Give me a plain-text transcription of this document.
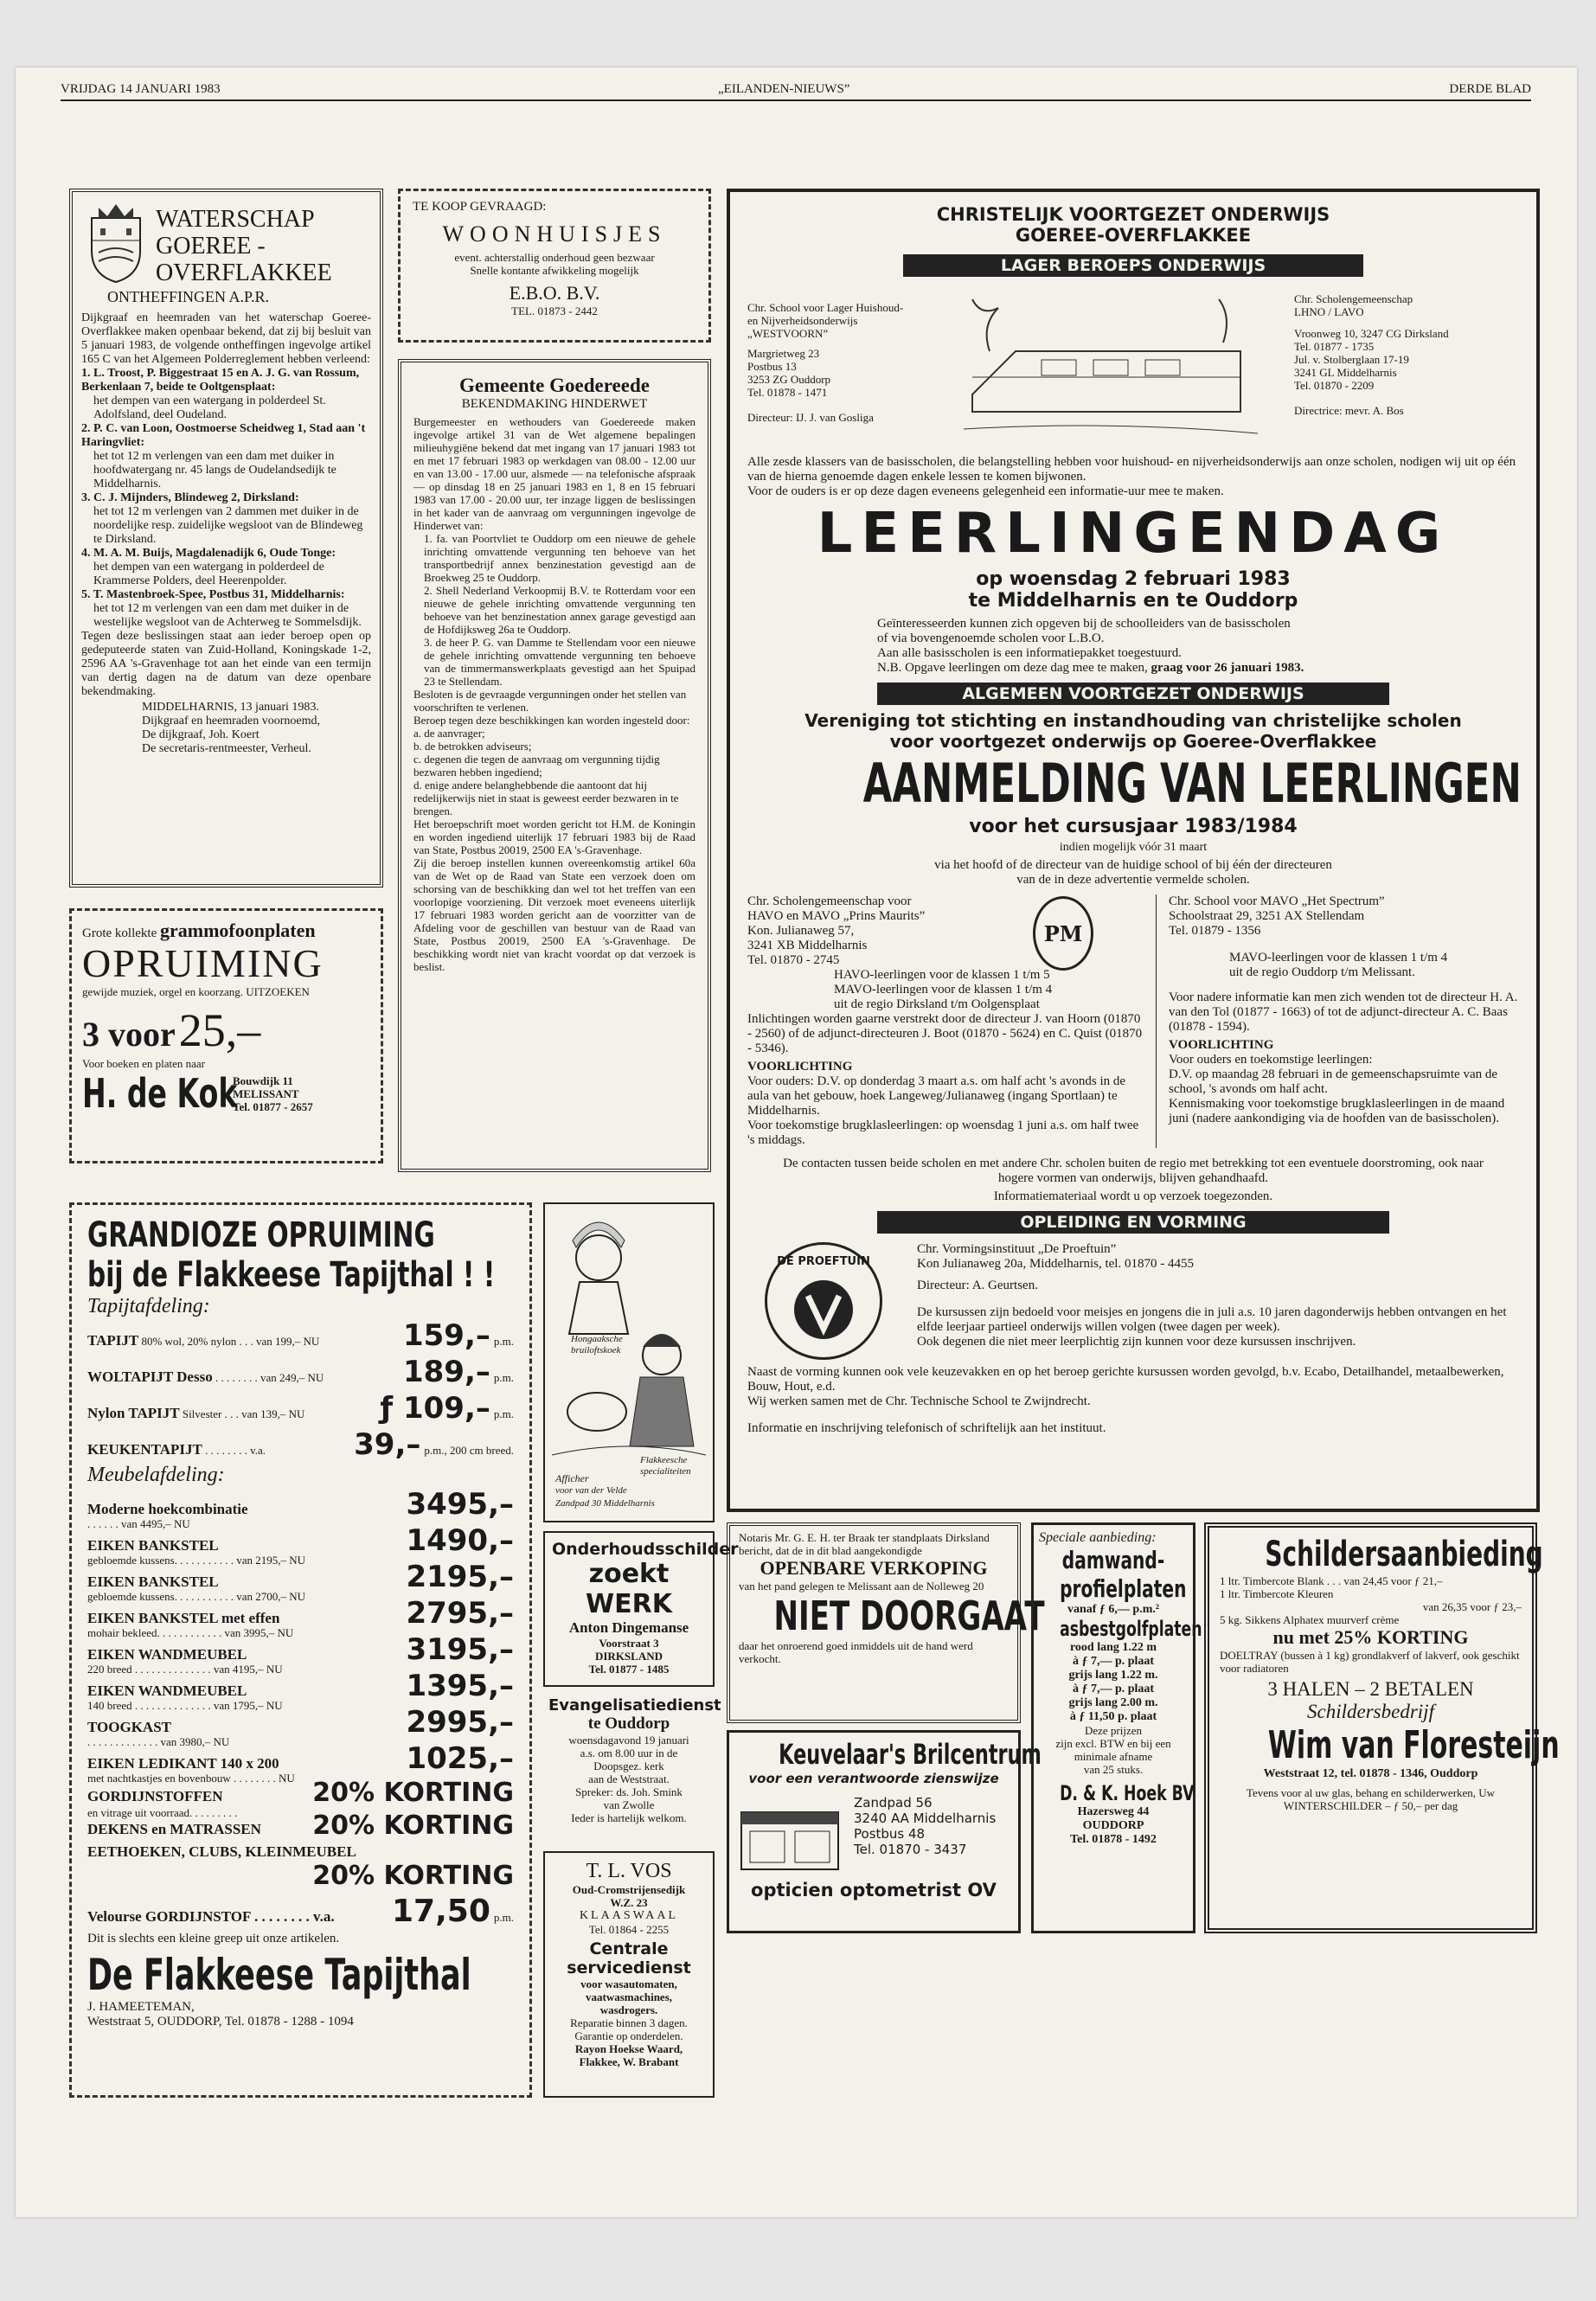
VRIJDAG 14 JANUARI 1983	„EILANDEN-NIEUWS”	DERDE BLAD
WATERSCHAP
GOEREE -
OVERFLAKKEE
ONTHEFFINGEN A.P.R.

Dijkgraaf en heemraden van het waterschap Goeree-Overflakkee maken openbaar bekend, dat zij bij besluit van 5 januari 1983, de volgende ontheffingen ingevolge artikel 165 C van het Algemeen Polderreglement hebben verleend:

1. L. Troost, P. Biggestraat 15 en A. J. G. van Rossum, Berkenlaan 7, beide te Ooltgensplaat:

het dempen van een watergang in polderdeel St. Adolfsland, deel Oudeland.

2. P. C. van Loon, Oostmoerse Scheidweg 1, Stad aan 't Haringvliet:

het tot 12 m verlengen van een dam met duiker in hoofdwatergang nr. 45 langs de Oudelandsedijk te Middelharnis.

3. C. J. Mijnders, Blindeweg 2, Dirksland:

het tot 12 m verlengen van 2 dammen met duiker in de noordelijke resp. zuidelijke wegsloot van de Blindeweg te Dirksland.

4. M. A. M. Buijs, Magdalenadijk 6, Oude Tonge:

het dempen van een watergang in polderdeel de Krammerse Polders, deel Heerenpolder.

5. T. Mastenbroek-Spee, Postbus 31, Middelharnis:

het tot 12 m verlengen van een dam met duiker in de westelijke wegsloot van de Achterweg te Sommelsdijk.

Tegen deze beslissingen staat aan ieder beroep open op gedeputeerde staten van Zuid-Holland, Koningskade 1-2, 2596 AA 's-Gravenhage tot aan het einde van een termijn van dertig dagen na de datum van deze openbare bekendmaking.

MIDDELHARNIS, 13 januari 1983.

Dijkgraaf en heemraden voornoemd,

De dijkgraaf, Joh. Koert

De secretaris-rentmeester, Verheul.

TE KOOP GEVRAAGD:
WOONHUISJES
event. achterstallig onderhoud geen bezwaar
Snelle kontante afwikkeling mogelijk
E.B.O. B.V.
TEL. 01873 - 2442
Gemeente Goedereede
BEKENDMAKING HINDERWET

Burgemeester en wethouders van Goedereede maken ingevolge artikel 31 van de Wet algemene bepalingen milieuhygiëne bekend dat met ingang van 17 januari 1983 tot en met 17 februari 1983 op werkdagen van 08.00 - 12.00 uur en van 13.00 - 17.00 uur, alsmede — na telefonische afspraak — op dinsdag 18 en 25 januari 1983 en 1, 8 en 15 februari 1983 van 17.00 - 20.00 uur, ter inzage liggen de beslissingen in het kader van de aanvraag om vergunningen ingevolge de Hinderwet van:

1. fa. van Poortvliet te Ouddorp om een nieuwe de gehele inrichting omvattende vergunning ten behoeve van het transportbedrijf annex benzinestation gevestigd aan de Broekweg 25 te Ouddorp.

2. Shell Nederland Verkoopmij B.V. te Rotterdam voor een nieuwe de gehele inrichting omvattende vergunning ten behoeve van het benzinestation annex garage gevestigd aan de Hofdijksweg 26a te Ouddorp.

3. de heer P. G. van Damme te Stellendam voor een nieuwe de gehele inrichting omvattende vergunning ten behoeve van de timmermanswerkplaats gevestigd aan het Spuipad 23 te Stellendam.

Besloten is de gevraagde vergunningen onder het stellen van voorschriften te verlenen.

Beroep tegen deze beschikkingen kan worden ingesteld door:

a. de aanvrager;

b. de betrokken adviseurs;

c. degenen die tegen de aanvraag om vergunning tijdig bezwaren hebben ingediend;

d. enige andere belanghebbende die aantoont dat hij redelijkerwijs niet in staat is geweest eerder bezwaren in te brengen.

Het beroepschrift moet worden gericht tot H.M. de Koningin en worden ingediend uiterlijk 17 februari 1983 bij de Raad van State, Postbus 20019, 2500 EA 's-Gravenhage.

Zij die beroep instellen kunnen overeenkomstig artikel 60a van de Wet op de Raad van State een verzoek doen om schorsing van de beschikking dan wel tot het treffen van een voorlopige voorziening. Dit verzoek moet eveneens uiterlijk 17 februari 1983 worden gericht aan de voorzitter van de Afdeling voor de geschillen van bestuur van de Raad van State, Postbus 20019, 2500 EA 's-Gravenhage. De beschikking wordt niet van kracht voordat op dat verzoek is beslist.

Grote kollekte grammofoonplaten
OPRUIMING
gewijde muziek, orgel en koorzang. UITZOEKEN
3 voor 25,–
Voor boeken en platen naar
H. de Kok
Bouwdijk 11
MELISSANT
Tel. 01877 - 2657
GRANDIOZE OPRUIMING
bij de Flakkeese Tapijthal ! !
Tapijtafdeling:
TAPIJT 80% wol, 20% nylon . . . van 199,– NU	159,– p.m.
WOLTAPIJT Desso . . . . . . . . van 249,– NU	189,– p.m.
Nylon TAPIJT Silvester . . . van 139,– NU	ƒ 109,– p.m.
KEUKENTAPIJT . . . . . . . . v.a.	39,– p.m., 200 cm breed.
Meubelafdeling:
Moderne hoekcombinatie
. . . . . . van 4495,– NU
3495,–
EIKEN BANKSTEL
gebloemde kussens. . . . . . . . . . . van 2195,– NU
1490,–
EIKEN BANKSTEL
gebloemde kussens. . . . . . . . . . . van 2700,– NU
2195,–
EIKEN BANKSTEL met effen
mohair bekleed. . . . . . . . . . . . van 3995,– NU
2795,–
EIKEN WANDMEUBEL
220 breed . . . . . . . . . . . . . . van 4195,– NU
3195,–
EIKEN WANDMEUBEL
140 breed . . . . . . . . . . . . . . van 1795,– NU
1395,–
TOOGKAST
. . . . . . . . . . . . . van 3980,– NU
2995,–
EIKEN LEDIKANT 140 x 200
met nachtkastjes en bovenbouw . . . . . . . . NU
1025,–
GORDIJNSTOFFEN
en vitrage uit voorraad. . . . . . . . .
20% KORTING
DEKENS en MATRASSEN 20% KORTING
EETHOEKEN, CLUBS, KLEINMEUBEL
20% KORTING
Velourse GORDIJNSTOF . . . . . . . . v.a. 17,50 p.m.
Dit is slechts een kleine greep uit onze artikelen.
De Flakkeese Tapijthal
J. HAMEETEMAN,
Weststraat 5, OUDDORP, Tel. 01878 - 1288 - 1094
Hongaaksche
bruiloftskoek
Flakkeesche
specialiteiten
Afficher
voor van der Velde
Zandpad 30 Middelharnis
Onderhoudsschilder
zoekt WERK
Anton Dingemanse
Voorstraat 3
DIRKSLAND
Tel. 01877 - 1485
Evangelisatiedienst
te Ouddorp
woensdagavond 19 januari
a.s. om 8.00 uur in de
Doopsgez. kerk
aan de Weststraat.
Spreker: ds. Joh. Smink
van Zwolle
Ieder is hartelijk welkom.
T. L. VOS
Oud-Cromstrijensedijk
W.Z. 23
KLAASWAAL
Tel. 01864 - 2255
Centrale
servicedienst
voor wasautomaten,
vaatwasmachines,
wasdrogers.
Reparatie binnen 3 dagen.
Garantie op onderdelen.
Rayon Hoekse Waard,
Flakkee, W. Brabant
CHRISTELIJK VOORTGEZET ONDERWIJS
GOEREE-OVERFLAKKEE
LAGER BEROEPS ONDERWIJS
Chr. School voor Lager Huishoud-
en Nijverheidsonderwijs
„WESTVOORN”
Margrietweg 23
Postbus 13
3253 ZG Ouddorp
Tel. 01878 - 1471
Directeur: IJ. J. van Gosliga
Chr. Scholengemeenschap
LHNO / LAVO
Vroonweg 10, 3247 CG Dirksland
Tel. 01877 - 1735
Jul. v. Stolberglaan 17-19
3241 GL Middelharnis
Tel. 01870 - 2209
Directrice: mevr. A. Bos

Alle zesde klassers van de basisscholen, die belangstelling hebben voor huishoud- en nijverheidsonderwijs aan onze scholen, nodigen wij uit op één van de hierna genoemde dagen enkele lessen te komen bijwonen.

Voor de ouders is er op deze dagen eveneens gelegenheid een informatie-uur mee te maken.

LEERLINGENDAG
op woensdag 2 februari 1983
te Middelharnis en te Ouddorp
Geïnteresseerden kunnen zich opgeven bij de schoolleiders van de basisscholen
of via bovengenoemde scholen voor L.B.O.
Aan alle basisscholen is een informatiepakket toegestuurd.
N.B. Opgave leerlingen om deze dag mee te maken, graag voor 26 januari 1983.
ALGEMEEN VOORTGEZET ONDERWIJS
Vereniging tot stichting en instandhouding van christelijke scholen
voor voortgezet onderwijs op Goeree-Overflakkee
AANMELDING VAN LEERLINGEN
voor het cursusjaar 1983/1984
indien mogelijk vóór 31 maart
via het hoofd of de directeur van de huidige school of bij één der directeuren
van de in deze advertentie vermelde scholen.
Chr. Scholengemeenschap voor
HAVO en MAVO „Prins Maurits”
Kon. Julianaweg 57,
3241 XB Middelharnis
Tel. 01870 - 2745
PM
HAVO-leerlingen voor de klassen 1 t/m 5
MAVO-leerlingen voor de klassen 1 t/m 4
uit de regio Dirksland t/m Oolgensplaat

Inlichtingen worden gaarne verstrekt door de directeur J. van Hoorn (01870 - 2560) of de adjunct-directeuren J. Boot (01870 - 5624) en C. Quist (01870 - 5346).

VOORLICHTING

Voor ouders: D.V. op donderdag 3 maart a.s. om half acht 's avonds in de aula van het gebouw, hoek Langeweg/Julianaweg (ingang Sportlaan) te Middelharnis.

Voor toekomstige brugklasleerlingen: op woensdag 1 juni a.s. om half twee 's middags.

Chr. School voor MAVO „Het Spectrum”
Schoolstraat 29, 3251 AX Stellendam
Tel. 01879 - 1356
MAVO-leerlingen voor de klassen 1 t/m 4
uit de regio Ouddorp t/m Melissant.

Voor nadere informatie kan men zich wenden tot de directeur H. A. van den Tol (01877 - 1663) of tot de adjunct-directeur A. C. Baas (01878 - 1594).

VOORLICHTING

Voor ouders en toekomstige leerlingen:

D.V. op maandag 28 februari in de gemeenschapsruimte van de school, 's avonds om half acht.

Kennismaking voor toekomstige brugklasleerlingen in de maand juni (nadere aankondiging via de hoofden van de basisscholen).

De contacten tussen beide scholen en met andere Chr. scholen buiten de regio met betrekking tot een eventuele doorstroming, ook naar hogere vormen van onderwijs, blijven gehandhaafd.

Informatiemateriaal wordt u op verzoek toegezonden.

OPLEIDING EN VORMING
DE PROEFTUIN
Chr. Vormingsinstituut „De Proeftuin”
Kon Julianaweg 20a, Middelharnis, tel. 01870 - 4455
Directeur: A. Geurtsen.

De kursussen zijn bedoeld voor meisjes en jongens die in juli a.s. 10 jaren dagonderwijs hebben ontvangen en het elfde leerjaar partieel onderwijs willen volgen (twee dagen per week).

Ook degenen die niet meer leerplichtig zijn kunnen voor deze kursussen inschrijven.

Naast de vorming kunnen ook vele keuzevakken en op het beroep gerichte kursussen worden gevolgd, b.v. Ecabo, Detailhandel, metaalbewerken, Bouw, Hout, e.d.

Wij werken samen met de Chr. Technische School te Zwijndrecht.

Informatie en inschrijving telefonisch of schriftelijk aan het instituut.

Notaris Mr. G. E. H. ter Braak ter standplaats Dirksland bericht, dat de in dit blad aangekondigde

OPENBARE VERKOPING

van het pand gelegen te Melissant aan de Nolleweg 20

NIET DOORGAAT

daar het onroerend goed inmiddels uit de hand werd verkocht.

Keuvelaar's Brilcentrum
voor een verantwoorde zienswijze
Zandpad 56
3240 AA Middelharnis
Postbus 48
Tel. 01870 - 3437
opticien optometrist OV
Speciale aanbieding:
damwand-
profielplaten
vanaf ƒ 6,— p.m.²
asbestgolfplaten
rood lang 1.22 m
à ƒ 7,— p. plaat
grijs lang 1.22 m.
à ƒ 7,— p. plaat
grijs lang 2.00 m.
à ƒ 11,50 p. plaat
Deze prijzen
zijn excl. BTW en bij een
minimale afname
van 25 stuks.
D. & K. Hoek BV
Hazersweg 44
OUDDORP
Tel. 01878 - 1492
Schildersaanbieding
1 ltr. Timbercote Blank . . . van 24,45 voor ƒ 21,–
1 ltr. Timbercote Kleuren
van 26,35 voor ƒ 23,–
5 kg. Sikkens Alphatex muurverf crème
nu met 25% KORTING
DOELTRAY (bussen à 1 kg) grondlakverf of lakverf, ook geschikt voor radiatoren
3 HALEN – 2 BETALEN
Schildersbedrijf
Wim van Floresteijn
Weststraat 12, tel. 01878 - 1346, Ouddorp
Tevens voor al uw glas, behang en schilderwerken, Uw WINTERSCHILDER – ƒ 50,– per dag
